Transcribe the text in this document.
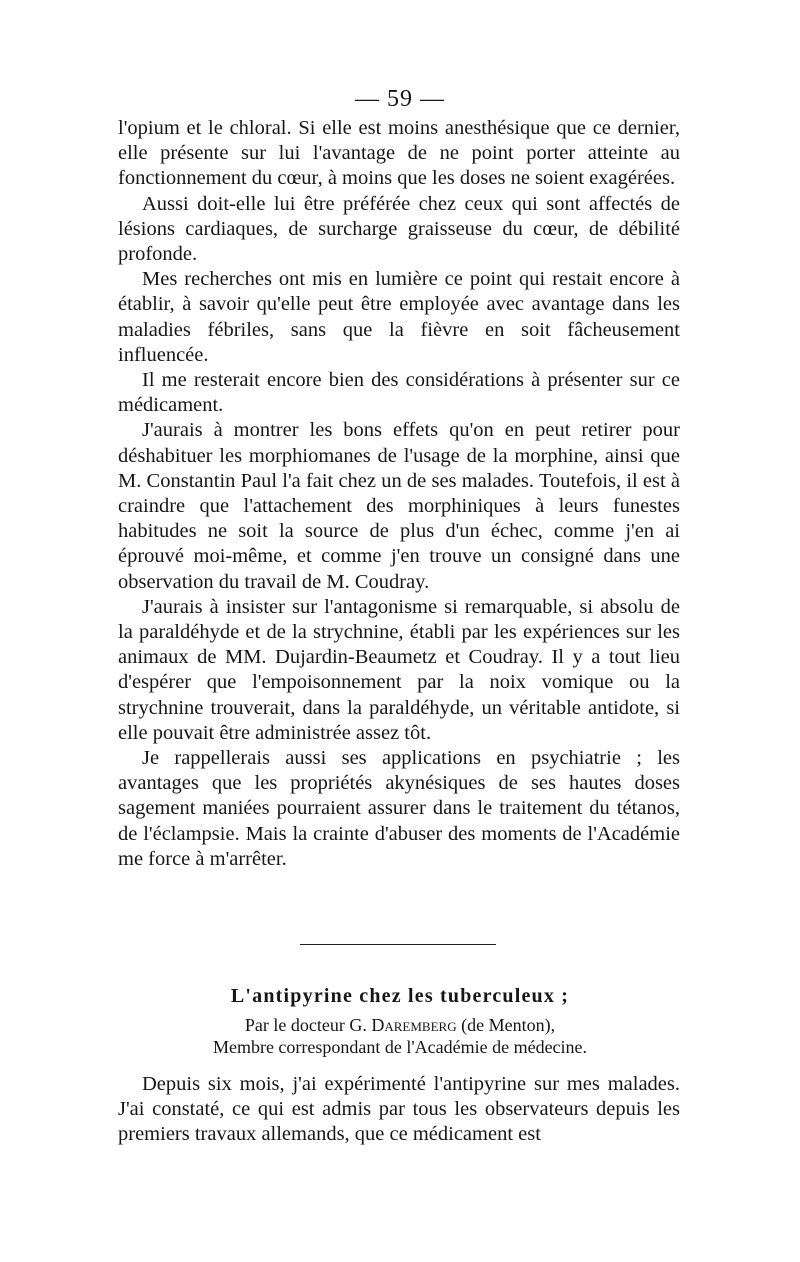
— 59 —

l'opium et le chloral. Si elle est moins anesthésique que ce dernier, elle présente sur lui l'avantage de ne point porter atteinte au fonctionnement du cœur, à moins que les doses ne soient exagérées.

Aussi doit-elle lui être préférée chez ceux qui sont affectés de lésions cardiaques, de surcharge graisseuse du cœur, de débilité profonde.

Mes recherches ont mis en lumière ce point qui restait encore à établir, à savoir qu'elle peut être employée avec avantage dans les maladies fébriles, sans que la fièvre en soit fâcheusement influencée.

Il me resterait encore bien des considérations à présenter sur ce médicament.

J'aurais à montrer les bons effets qu'on en peut retirer pour déshabituer les morphiomanes de l'usage de la morphine, ainsi que M. Constantin Paul l'a fait chez un de ses malades. Toutefois, il est à craindre que l'attachement des morphiniques à leurs funestes habitudes ne soit la source de plus d'un échec, comme j'en ai éprouvé moi-même, et comme j'en trouve un consigné dans une observation du travail de M. Coudray.

J'aurais à insister sur l'antagonisme si remarquable, si absolu de la paraldéhyde et de la strychnine, établi par les expériences sur les animaux de MM. Dujardin-Beaumetz et Coudray. Il y a tout lieu d'espérer que l'empoisonnement par la noix vomique ou la strychnine trouverait, dans la paraldéhyde, un véritable antidote, si elle pouvait être administrée assez tôt.

Je rappellerais aussi ses applications en psychiatrie ; les avantages que les propriétés akynésiques de ses hautes doses sagement maniées pourraient assurer dans le traitement du tétanos, de l'éclampsie. Mais la crainte d'abuser des moments de l'Académie me force à m'arrêter.

L'antipyrine chez les tuberculeux ;
Par le docteur G. Daremberg (de Menton),
Membre correspondant de l'Académie de médecine.

Depuis six mois, j'ai expérimenté l'antipyrine sur mes malades. J'ai constaté, ce qui est admis par tous les observateurs depuis les premiers travaux allemands, que ce médicament est
